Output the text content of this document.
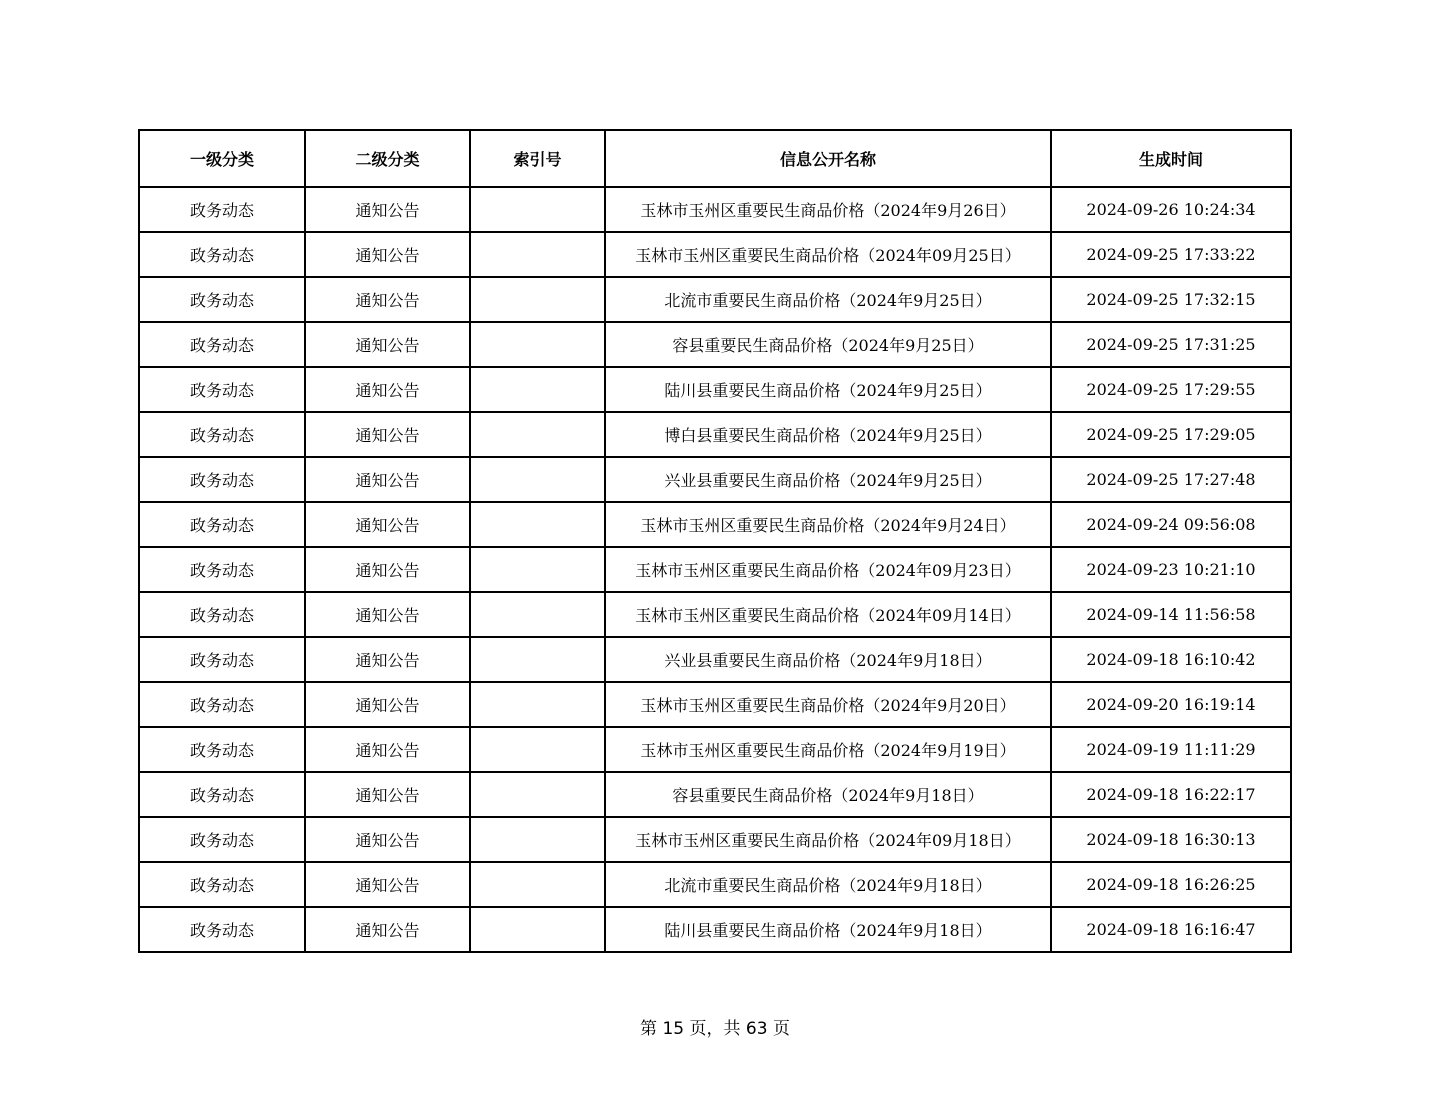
一级分类	二级分类	索引号	信息公开名称	生成时间
政务动态	通知公告		玉林市玉州区重要民生商品价格（2024年9月26日）	2024-09-26 10:24:34
政务动态	通知公告		玉林市玉州区重要民生商品价格（2024年09月25日）	2024-09-25 17:33:22
政务动态	通知公告		北流市重要民生商品价格（2024年9月25日）	2024-09-25 17:32:15
政务动态	通知公告		容县重要民生商品价格（2024年9月25日）	2024-09-25 17:31:25
政务动态	通知公告		陆川县重要民生商品价格（2024年9月25日）	2024-09-25 17:29:55
政务动态	通知公告		博白县重要民生商品价格（2024年9月25日）	2024-09-25 17:29:05
政务动态	通知公告		兴业县重要民生商品价格（2024年9月25日）	2024-09-25 17:27:48
政务动态	通知公告		玉林市玉州区重要民生商品价格（2024年9月24日）	2024-09-24 09:56:08
政务动态	通知公告		玉林市玉州区重要民生商品价格（2024年09月23日）	2024-09-23 10:21:10
政务动态	通知公告		玉林市玉州区重要民生商品价格（2024年09月14日）	2024-09-14 11:56:58
政务动态	通知公告		兴业县重要民生商品价格（2024年9月18日）	2024-09-18 16:10:42
政务动态	通知公告		玉林市玉州区重要民生商品价格（2024年9月20日）	2024-09-20 16:19:14
政务动态	通知公告		玉林市玉州区重要民生商品价格（2024年9月19日）	2024-09-19 11:11:29
政务动态	通知公告		容县重要民生商品价格（2024年9月18日）	2024-09-18 16:22:17
政务动态	通知公告		玉林市玉州区重要民生商品价格（2024年09月18日）	2024-09-18 16:30:13
政务动态	通知公告		北流市重要民生商品价格（2024年9月18日）	2024-09-18 16:26:25
政务动态	通知公告		陆川县重要民生商品价格（2024年9月18日）	2024-09-18 16:16:47
第 15 页，共 63 页
